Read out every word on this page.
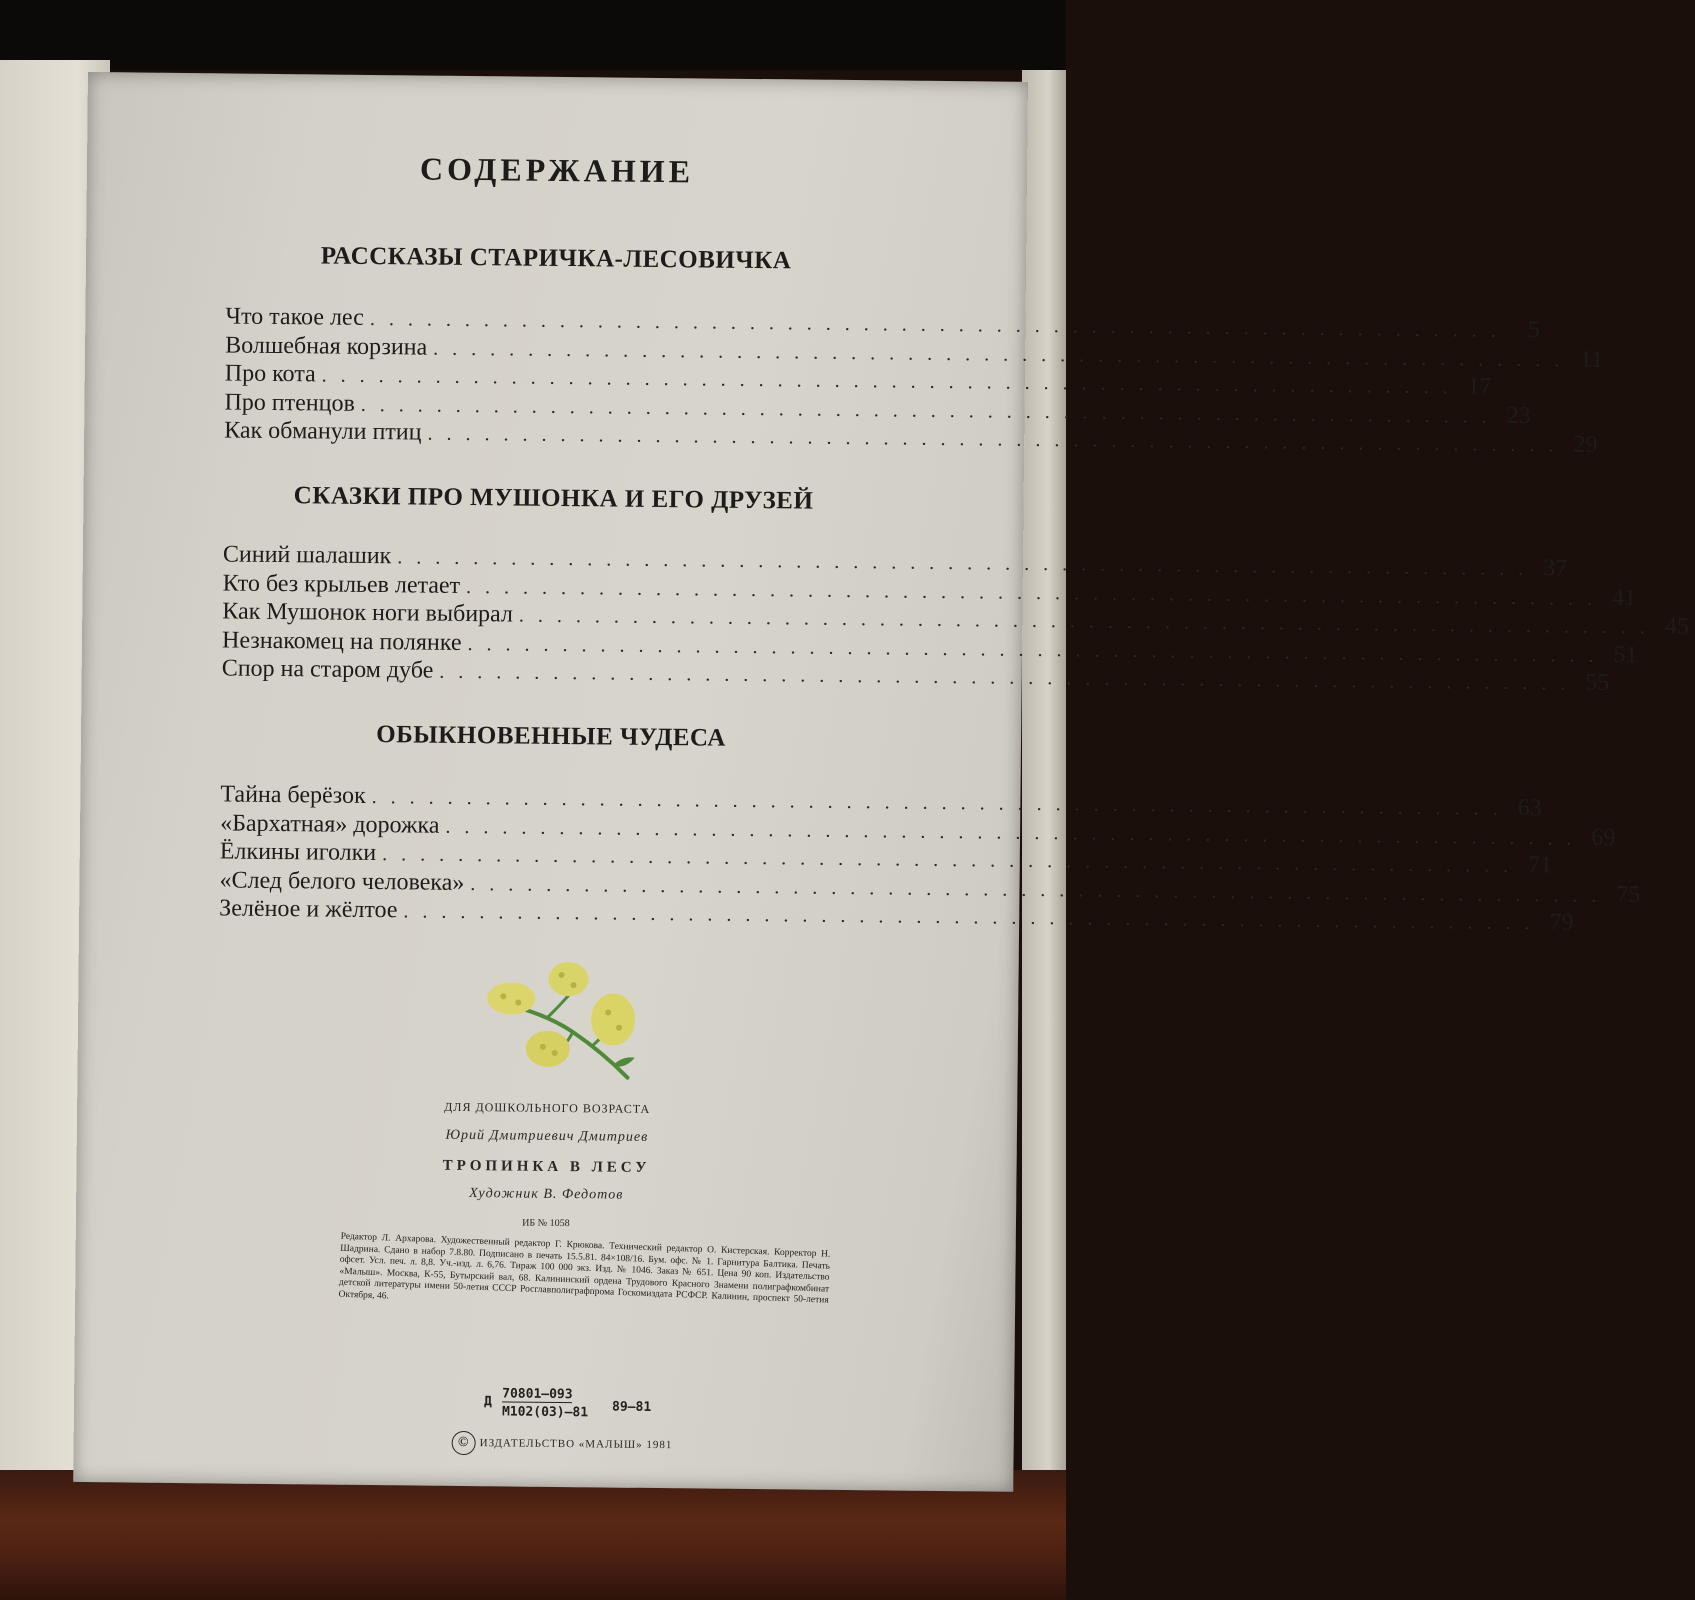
СОДЕРЖАНИЕ
РАССКАЗЫ СТАРИЧКА-ЛЕСОВИЧКА
СКАЗКИ ПРО МУШОНКА И ЕГО ДРУЗЕЙ
ОБЫКНОВЕННЫЕ ЧУДЕСА
Что такое лес ............................................................ 5
Волшебная корзина ............................................................ 11
Про кота ............................................................ 17
Про птенцов ............................................................ 23
Как обманули птиц ............................................................ 29
Синий шалашик ............................................................ 37
Кто без крыльев летает ............................................................ 41
Как Мушонок ноги выбирал ............................................................ 45
Незнакомец на полянке ............................................................ 51
Спор на старом дубе ............................................................ 55
Тайна берёзок ............................................................ 63
«Бархатная» дорожка ............................................................ 69
Ёлкины иголки ............................................................ 71
«След белого человека» ............................................................ 75
Зелёное и жёлтое ............................................................ 79
ДЛЯ ДОШКОЛЬНОГО ВОЗРАСТА
Юрий Дмитриевич Дмитриев
ТРОПИНКА В ЛЕСУ
Художник В. Федотов
ИБ № 1058
Редактор Л. Архарова. Художественный редактор Г. Крюкова. Технический редактор О. Кистерская. Корректор Н. Шадрина. Сдано в набор 7.8.80. Подписано в печать 15.5.81. 84×108/16. Бум. офс. № 1. Гарнитура Балтика. Печать офсет. Усл. печ. л. 8,8. Уч.-изд. л. 6,76. Тираж 100 000 экз. Изд. № 1046. Заказ № 651. Цена 90 коп. Издательство «Малыш». Москва, К-55, Бутырский вал, 68. Калининский ордена Трудового Красного Знамени полиграфкомбинат детской литературы имени 50-летия СССР Росглавполиграфпрома Госкомиздата РСФСР. Калинин, проспект 50-летия Октября, 46.
Д 70801—093
М102(03)—81 89—81
© ИЗДАТЕЛЬСТВО «МАЛЫШ» 1981
